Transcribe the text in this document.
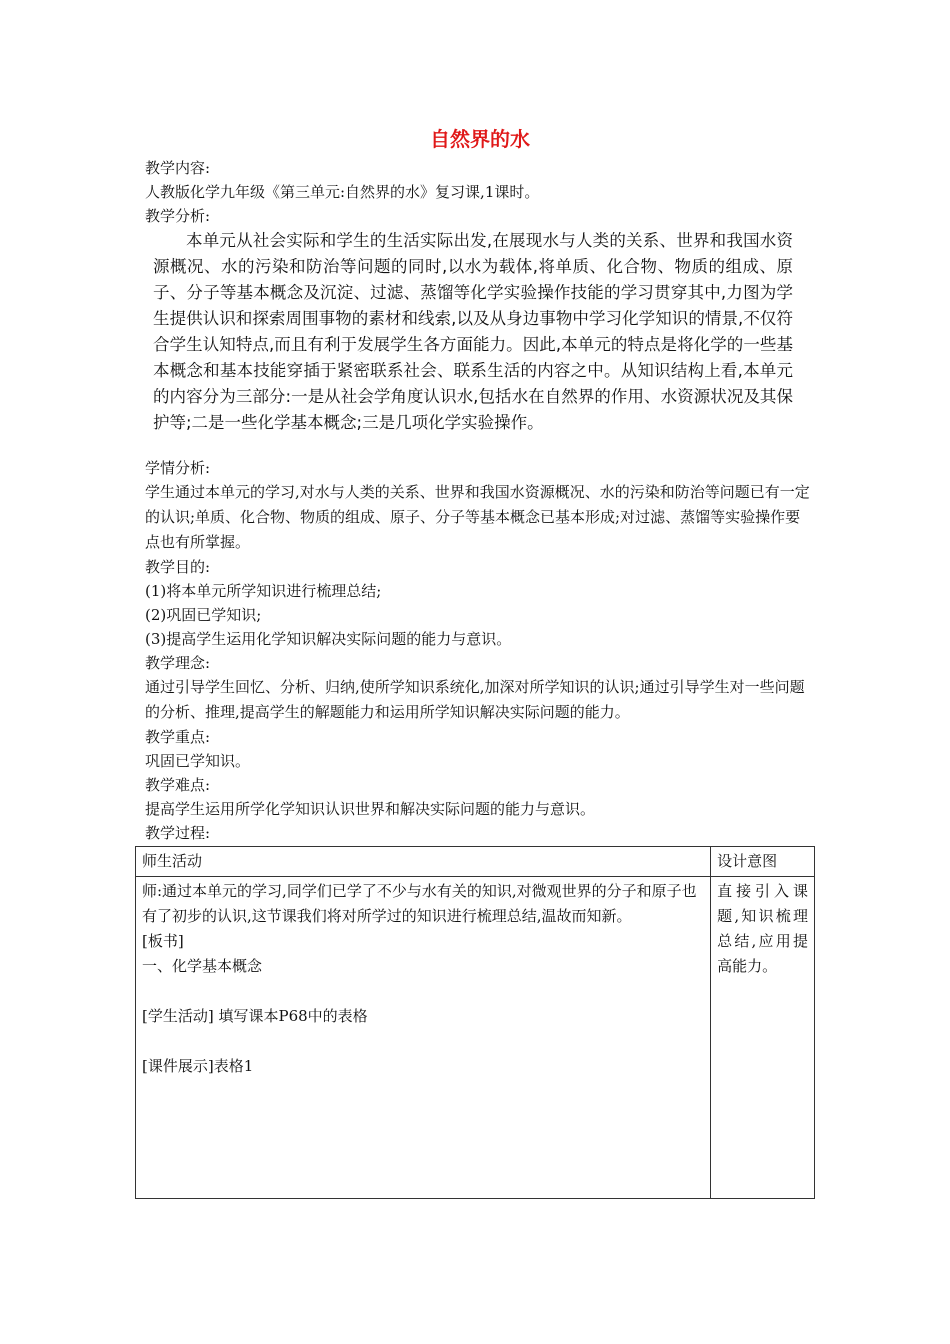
自然界的水

教学内容:

人教版化学九年级《第三单元:自然界的水》复习课,1课时。

教学分析:

本单元从社会实际和学生的生活实际出发,在展现水与人类的关系、世界和我国水资源概况、水的污染和防治等问题的同时,以水为载体,将单质、化合物、物质的组成、原子、分子等基本概念及沉淀、过滤、蒸馏等化学实验操作技能的学习贯穿其中,力图为学生提供认识和探索周围事物的素材和线索,以及从身边事物中学习化学知识的情景,不仅符合学生认知特点,而且有利于发展学生各方面能力。因此,本单元的特点是将化学的一些基本概念和基本技能穿插于紧密联系社会、联系生活的内容之中。从知识结构上看,本单元的内容分为三部分:一是从社会学角度认识水,包括水在自然界的作用、水资源状况及其保护等;二是一些化学基本概念;三是几项化学实验操作。

学情分析:

学生通过本单元的学习,对水与人类的关系、世界和我国水资源概况、水的污染和防治等问题已有一定的认识;单质、化合物、物质的组成、原子、分子等基本概念已基本形成;对过滤、蒸馏等实验操作要点也有所掌握。

教学目的:

(1)将本单元所学知识进行梳理总结;

(2)巩固已学知识;

(3)提高学生运用化学知识解决实际问题的能力与意识。

教学理念:

通过引导学生回忆、分析、归纳,使所学知识系统化,加深对所学知识的认识;通过引导学生对一些问题的分析、推理,提高学生的解题能力和运用所学知识解决实际问题的能力。

教学重点:

巩固已学知识。

教学难点:

提高学生运用所学化学知识认识世界和解决实际问题的能力与意识。

教学过程:

师生活动	设计意图

师:通过本单元的学习,同学们已学了不少与水有关的知识,对微观世界的分子和原子也有了初步的认识,这节课我们将对所学过的知识进行梳理总结,温故而知新。

[板书]

一、化学基本概念

[学生活动] 填写课本P68中的表格

[课件展示]表格1	直接引入课题,知识梳理总结,应用提高能力。
